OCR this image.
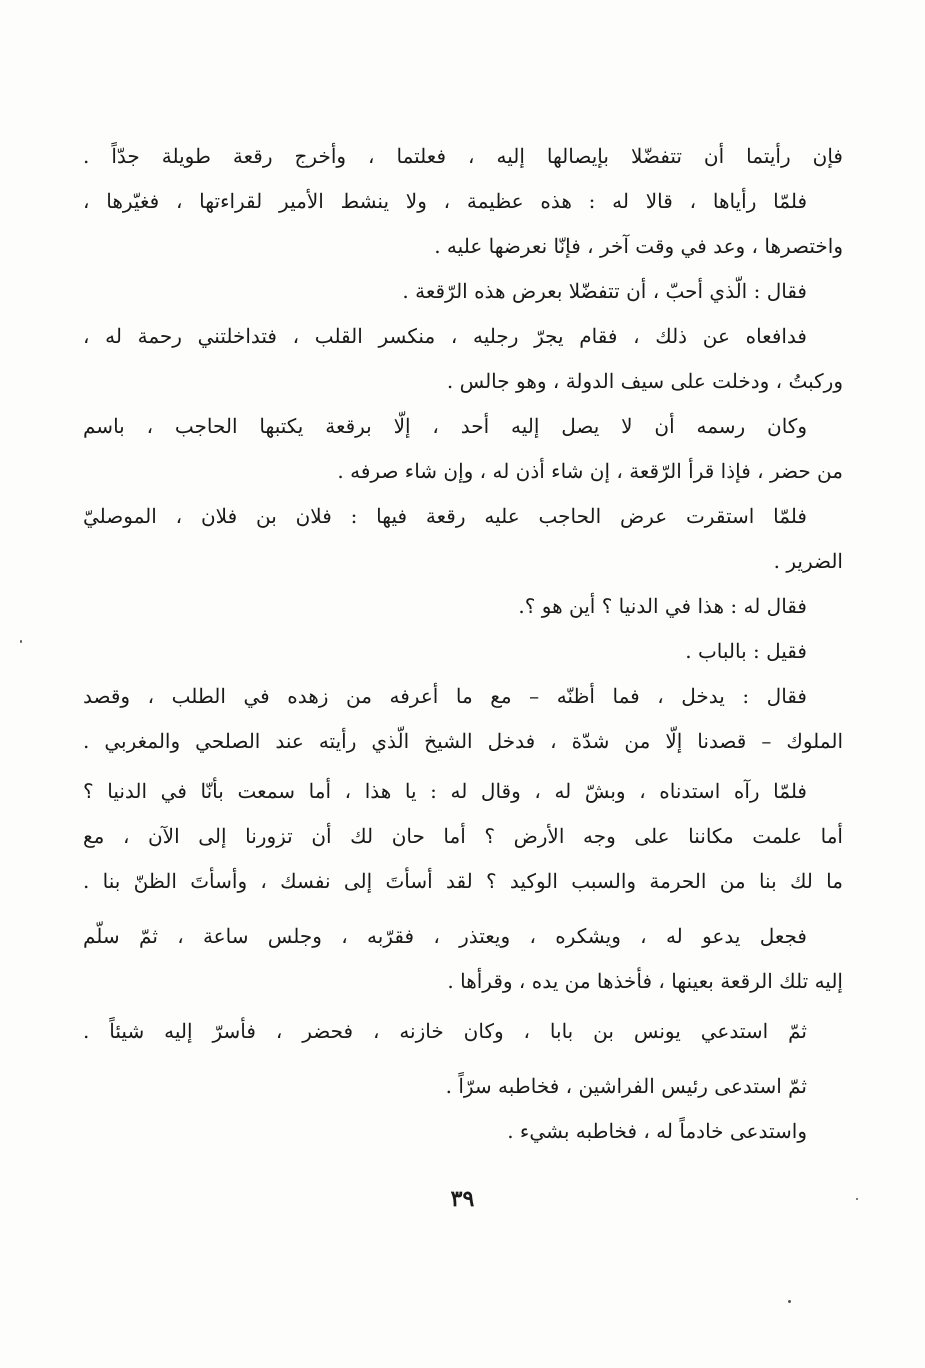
فإن رأيتما أن تتفضّلا بإيصالها إليه ، فعلتما ، وأخرج رقعة طويلة جدّاً .
فلمّا رأياها ، قالا له : هذه عظيمة ، ولا ينشط الأمير لقراءتها ، فغيّرها ،
واختصرها ، وعد في وقت آخر ، فإنّا نعرضها عليه .
فقال : الّذي أحبّ ، أن تتفضّلا بعرض هذه الرّقعة .
فدافعاه عن ذلك ، فقام يجرّ رجليه ، منكسر القلب ، فتداخلتني رحمة له ،
وركبتُ ، ودخلت على سيف الدولة ، وهو جالس .
وكان رسمه أن لا يصل إليه أحد ، إلّا برقعة يكتبها الحاجب ، باسم
من حضر ، فإذا قرأ الرّقعة ، إن شاء أذن له ، وإن شاء صرفه .
فلمّا استقرت عرض الحاجب عليه رقعة فيها : فلان بن فلان ، الموصليّ
الضرير .
فقال له : هذا في الدنيا ؟ أين هو ؟.
فقيل : بالباب .
فقال : يدخل ، فما أظنّه – مع ما أعرفه من زهده في الطلب ، وقصد
الملوك – قصدنا إلّا من شدّة ، فدخل الشيخ الّذي رأيته عند الصلحي والمغربي .
فلمّا رآه استدناه ، وبشّ له ، وقال له : يا هذا ، أما سمعت بأنّا في الدنيا ؟
أما علمت مكاننا على وجه الأرض ؟ أما حان لك أن تزورنا إلى الآن ، مع
ما لك بنا من الحرمة والسبب الوكيد ؟ لقد أسأتَ إلى نفسك ، وأسأتَ الظنّ بنا .
فجعل يدعو له ، ويشكره ، ويعتذر ، فقرّبه ، وجلس ساعة ، ثمّ سلّم
إليه تلك الرقعة بعينها ، فأخذها من يده ، وقرأها .
ثمّ استدعي يونس بن بابا ، وكان خازنه ، فحضر ، فأسرّ إليه شيئاً .
ثمّ استدعى رئيس الفراشين ، فخاطبه سرّاً .
واستدعى خادماً له ، فخاطبه بشيء .
٣٩
